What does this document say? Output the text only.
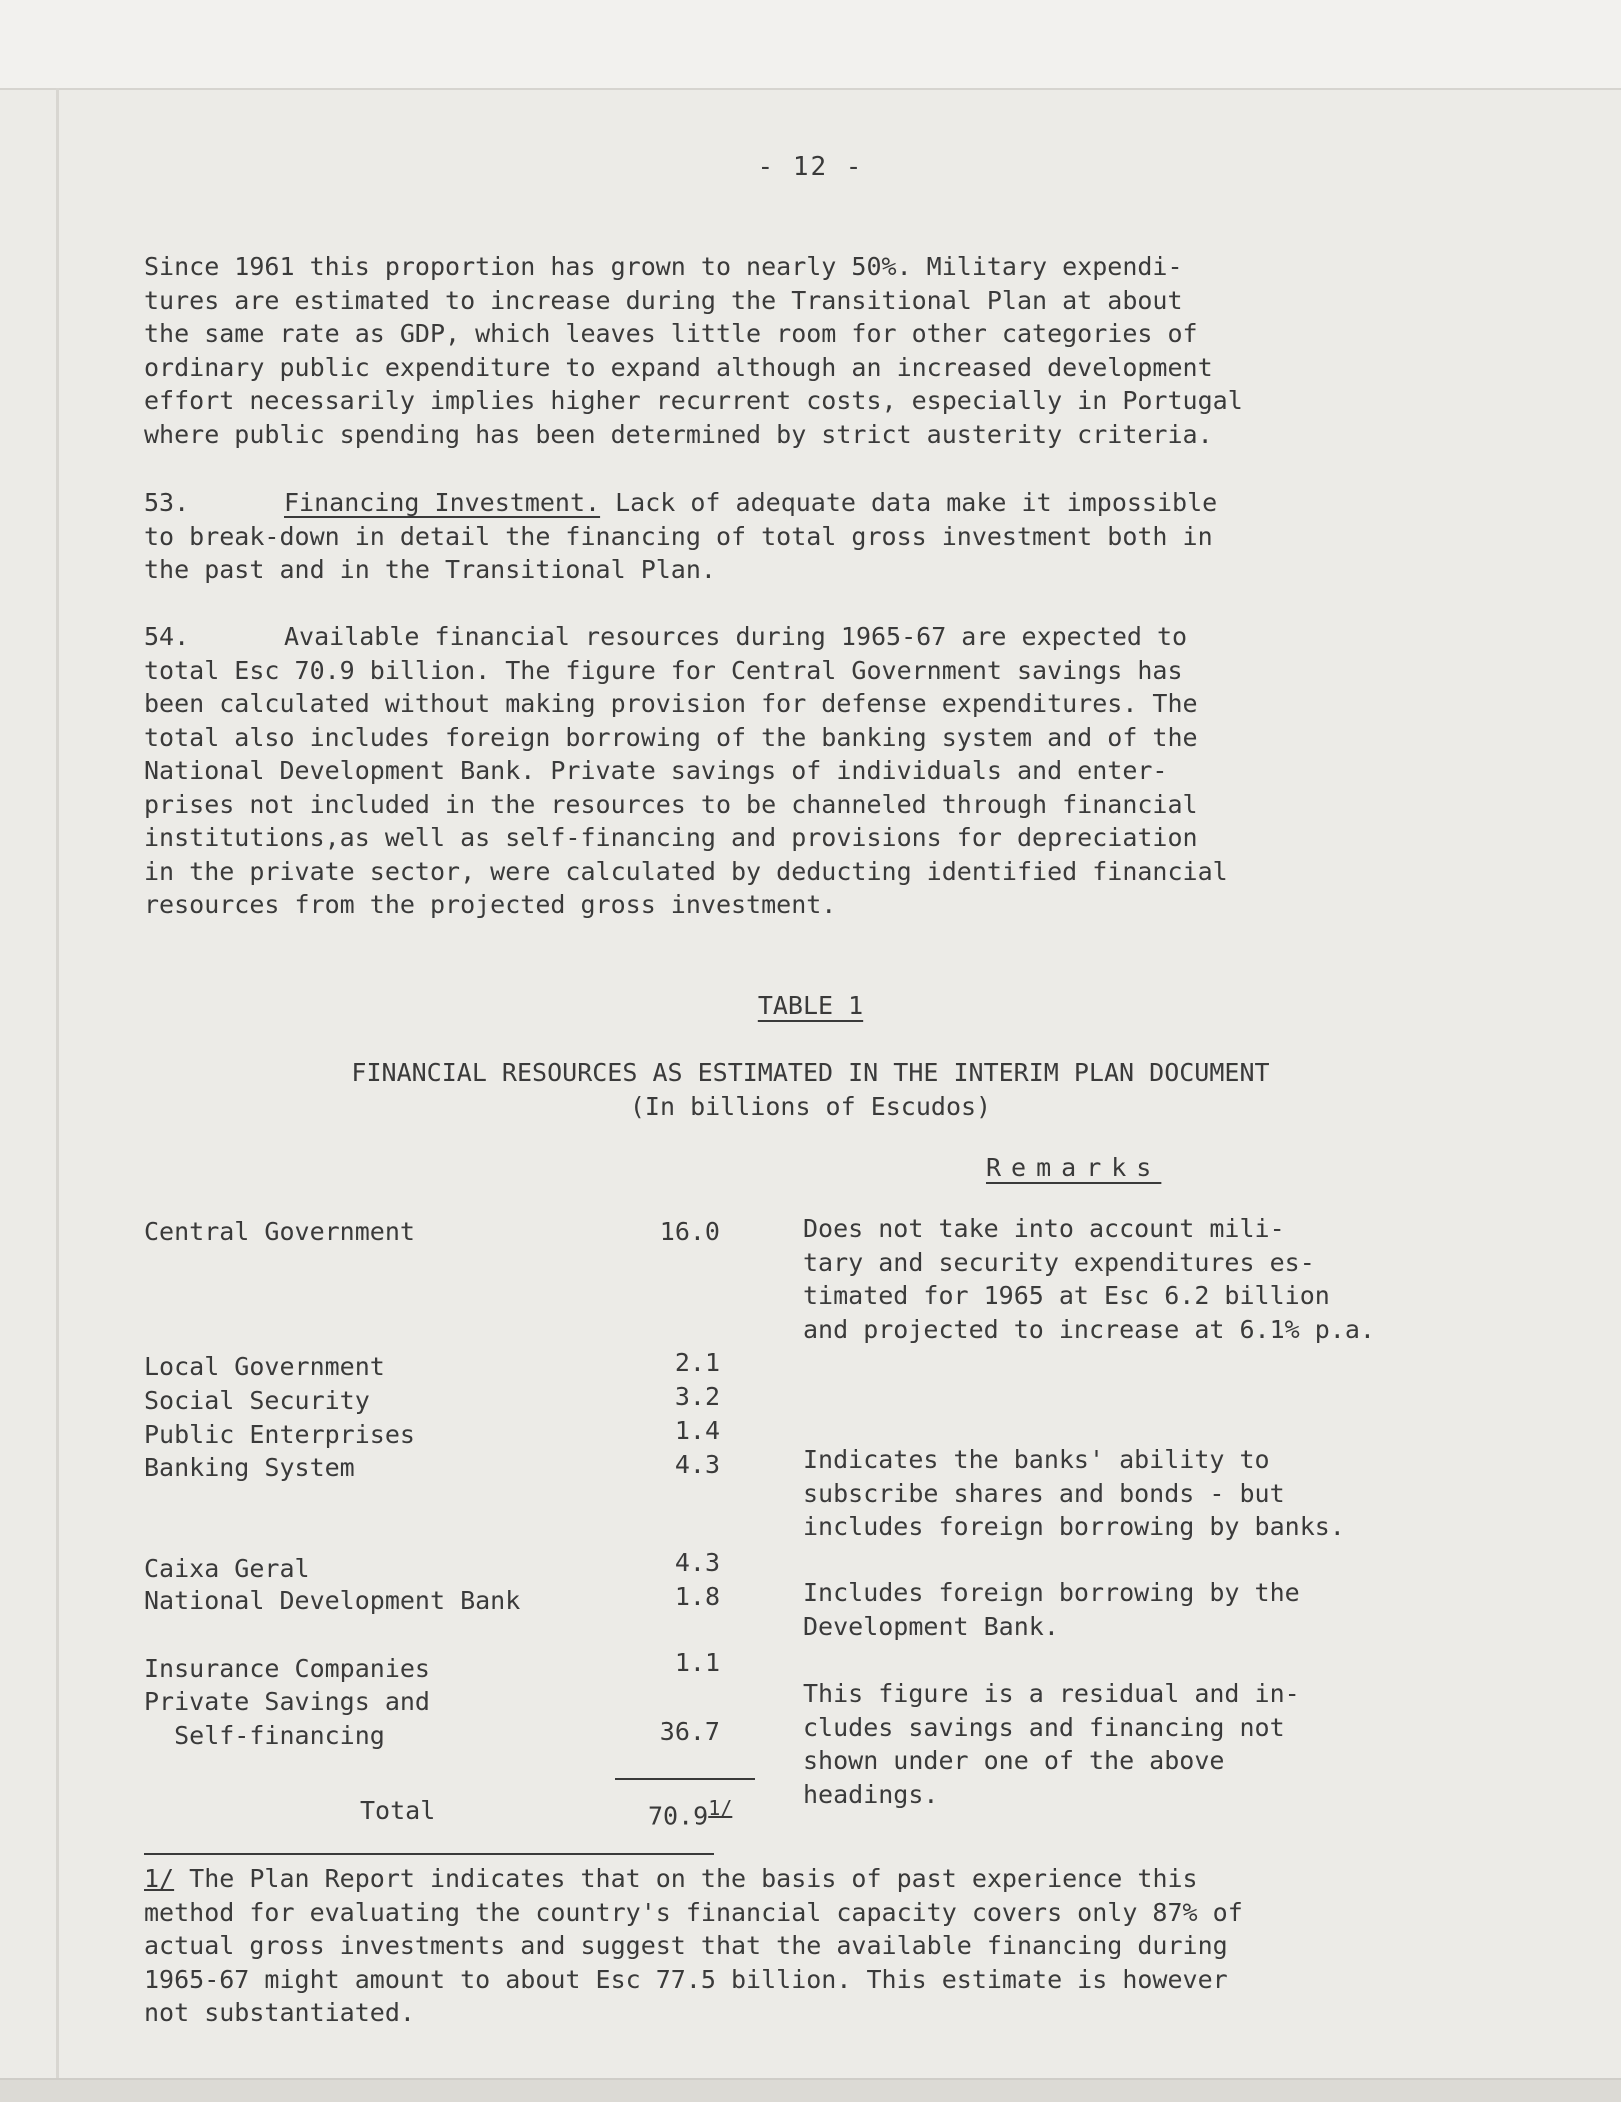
- 12 -
Since 1961 this proportion has grown to nearly 50%. Military expendi-
tures are estimated to increase during the Transitional Plan at about
the same rate as GDP, which leaves little room for other categories of
ordinary public expenditure to expand although an increased development
effort necessarily implies higher recurrent costs, especially in Portugal
where public spending has been determined by strict austerity criteria.
53.	Financing Investment. Lack of adequate data make it impossible
to break-down in detail the financing of total gross investment both in
the past and in the Transitional Plan.
54.	Available financial resources during 1965-67 are expected to
total Esc 70.9 billion. The figure for Central Government savings has
been calculated without making provision for defense expenditures. The
total also includes foreign borrowing of the banking system and of the
National Development Bank. Private savings of individuals and enter-
prises not included in the resources to be channeled through financial
institutions,as well as self-financing and provisions for depreciation
in the private sector, were calculated by deducting identified financial
resources from the projected gross investment.
TABLE 1
FINANCIAL RESOURCES AS ESTIMATED IN THE INTERIM PLAN DOCUMENT
(In billions of Escudos)
Remarks
Central Government	16.0	Does not take into account mili-
tary and security expenditures es-
timated for 1965 at Esc 6.2 billion
and projected to increase at 6.1% p.a.
Local Government	2.1
Social Security	3.2
Public Enterprises	1.4
Banking System	4.3	Indicates the banks' ability to
subscribe shares and bonds - but
includes foreign borrowing by banks.
Caixa Geral	4.3
National Development Bank	1.8	Includes foreign borrowing by the
Development Bank.
Insurance Companies	1.1
Private Savings and
Self-financing	36.7
This figure is a residual and in-
cludes savings and financing not
shown under one of the above
headings.
Total	70.9$^{1/}$
1/ The Plan Report indicates that on the basis of past experience this
method for evaluating the country's financial capacity covers only 87% of
actual gross investments and suggest that the available financing during
1965-67 might amount to about Esc 77.5 billion. This estimate is however
not substantiated.
